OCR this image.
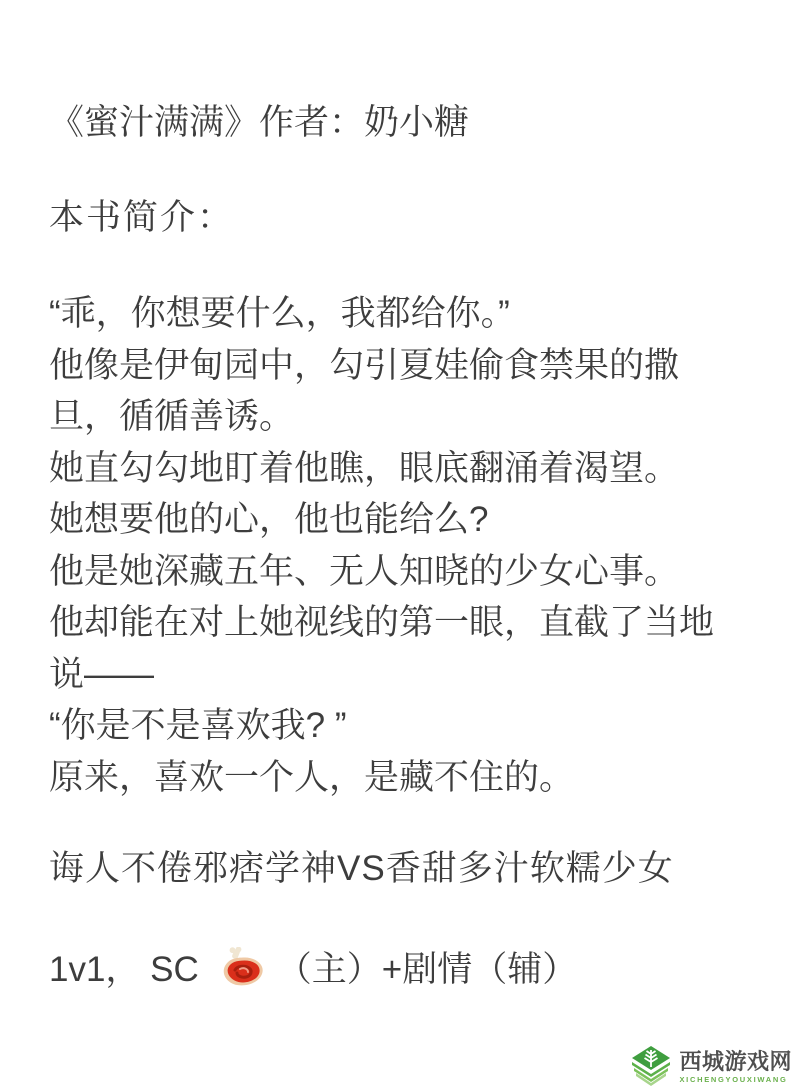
《蜜汁满满》作者：奶小糖
本书简介：
“乖，你想要什么，我都给你。”
他像是伊甸园中，勾引夏娃偷食禁果的撒
旦，循循善诱。
她直勾勾地盯着他瞧，眼底翻涌着渴望。
她想要他的心，他也能给么?
他是她深藏五年、无人知晓的少女心事。
他却能在对上她视线的第一眼，直截了当地
说——
“你是不是喜欢我? ”
原来，喜欢一个人，是藏不住的。
诲人不倦邪痞学神VS香甜多汁软糯少女
1v1， SC （主）+剧情（辅）
西城游戏网
XICHENGYOUXIWANG
